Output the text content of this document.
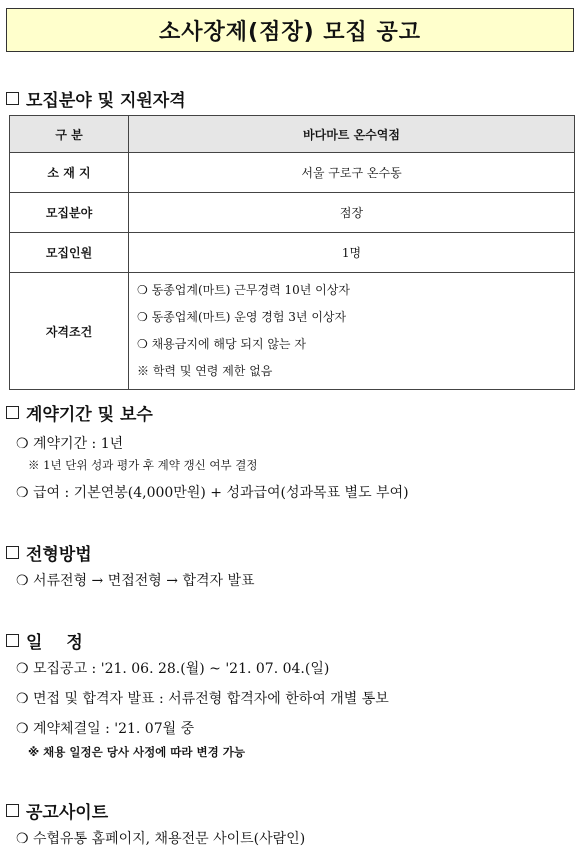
소사장제(점장) 모집 공고
모집분야 및 지원자격
구 분	바다마트 온수역점
소 재 지	서울 구로구 온수동
모집분야	점장
모집인원	1명
자격조건	❍ 동종업계(마트) 근무경력 10년 이상자
❍ 동종업체(마트) 운영 경험 3년 이상자
❍ 채용금지에 해당 되지 않는 자
※ 학력 및 연령 제한 없음
계약기간 및 보수
❍ 계약기간 : 1년
※ 1년 단위 성과 평가 후 계약 갱신 여부 결정
❍ 급여 : 기본연봉(4,000만원) + 성과급여(성과목표 별도 부여)
전형방법
❍ 서류전형 → 면접전형 → 합격자 발표
일 정
❍ 모집공고 : '21. 06. 28.(월) ~ '21. 07. 04.(일)
❍ 면접 및 합격자 발표 : 서류전형 합격자에 한하여 개별 통보
❍ 계약체결일 : '21. 07월 중
※ 채용 일정은 당사 사정에 따라 변경 가능
공고사이트
❍ 수협유통 홈페이지, 채용전문 사이트(사람인)
